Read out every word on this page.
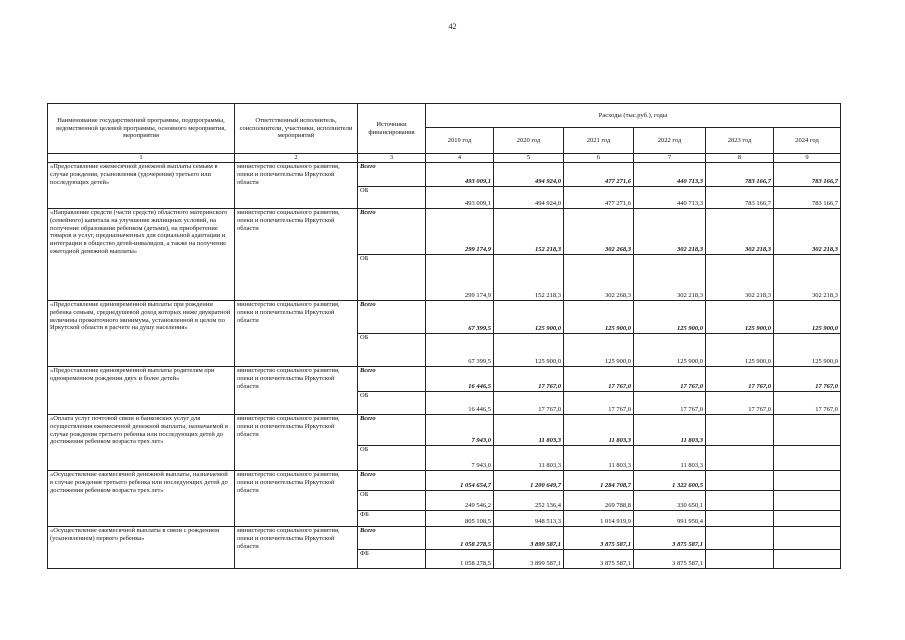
42
Наименование государственной программы, подпрограммы, ведомственной целевой программы, основного мероприятия, мероприятия	Ответственный исполнитель, соисполнители, участники, исполнители мероприятий	Источники финансирования	Расходы (тыс.руб.), годы					
			2019 год	2020 год	2021 год	2022 год	2023 год	2024 год
1	2	3	4	5	6	7	8	9
«Предоставление ежемесячной денежной выплаты семьям в случае рождения, усыновления (удочерения) третьего или последующих детей»	министерство социального развития, опеки и попечительства Иркутской области	Всего	493 009,1	494 924,0	477 271,6	440 713,3	783 166,7	783 166,7
		ОБ	493 009,1	494 924,0	477 271,6	440 713,3	783 166,7	783 166,7
«Направление средств (части средств) областного материнского (семейного) капитала на улучшение жилищных условий, на получение образования ребенком (детьми), на приобретение товаров и услуг, предназначенных для социальной адаптации и интеграции в общество детей-инвалидов, а также на получение ежегодной денежной выплаты»	министерство социального развития, опеки и попечительства Иркутской области	Всего	299 174,9	152 218,3	302 268,3	302 218,3	302 218,3	302 218,3
		ОБ	299 174,9	152 218,3	302 268,3	302 218,3	302 218,3	302 218,3
«Предоставление единовременной выплаты при рождении ребенка семьям, среднедушевой доход которых ниже двукратной величины прожиточного минимума, установленной в целом по Иркутской области в расчете на душу населения»	министерство социального развития, опеки и попечительства Иркутской области	Всего	67 399,5	125 900,0	125 900,0	125 900,0	125 900,0	125 900,0
		ОБ	67 399,5	125 900,0	125 900,0	125 900,0	125 900,0	125 900,0
«Предоставление единовременной выплаты родителям при одновременном рождении двух и более детей»	министерство социального развития, опеки и попечительства Иркутской области	Всего	16 446,5	17 767,0	17 767,0	17 767,0	17 767,0	17 767,0
		ОБ	16 446,5	17 767,0	17 767,0	17 767,0	17 767,0	17 767,0
«Оплата услуг почтовой связи и банковских услуг для осуществления ежемесячной денежной выплаты, назначаемой в случае рождения третьего ребенка или последующих детей до достижения ребенком возраста трех лет»	министерство социального развития, опеки и попечительства Иркутской области	Всего	7 943,0	11 803,3	11 803,3	11 803,3		
		ОБ	7 943,0	11 803,3	11 803,3	11 803,3		
«Осуществление ежемесячной денежной выплаты, назначаемой в случае рождения третьего ребенка или последующих детей до достижения ребенком возраста трех лет»	министерство социального развития, опеки и попечительства Иркутской области	Всего	1 054 654,7	1 200 649,7	1 284 708,7	1 322 600,5		
		ОБ	249 546,2	252 136,4	269 788,8	330 650,1		
		ФБ	805 108,5	948 513,3	1 014 919,9	991 950,4		
«Осуществление ежемесячной выплаты в связи с рождением (усыновлением) первого ребенка»	министерство социального развития, опеки и попечительства Иркутской области	Всего	1 058 278,5	3 899 587,1	3 875 587,1	3 875 587,1		
		ФБ	1 058 278,5	3 899 587,1	3 875 587,1	3 875 587,1		
